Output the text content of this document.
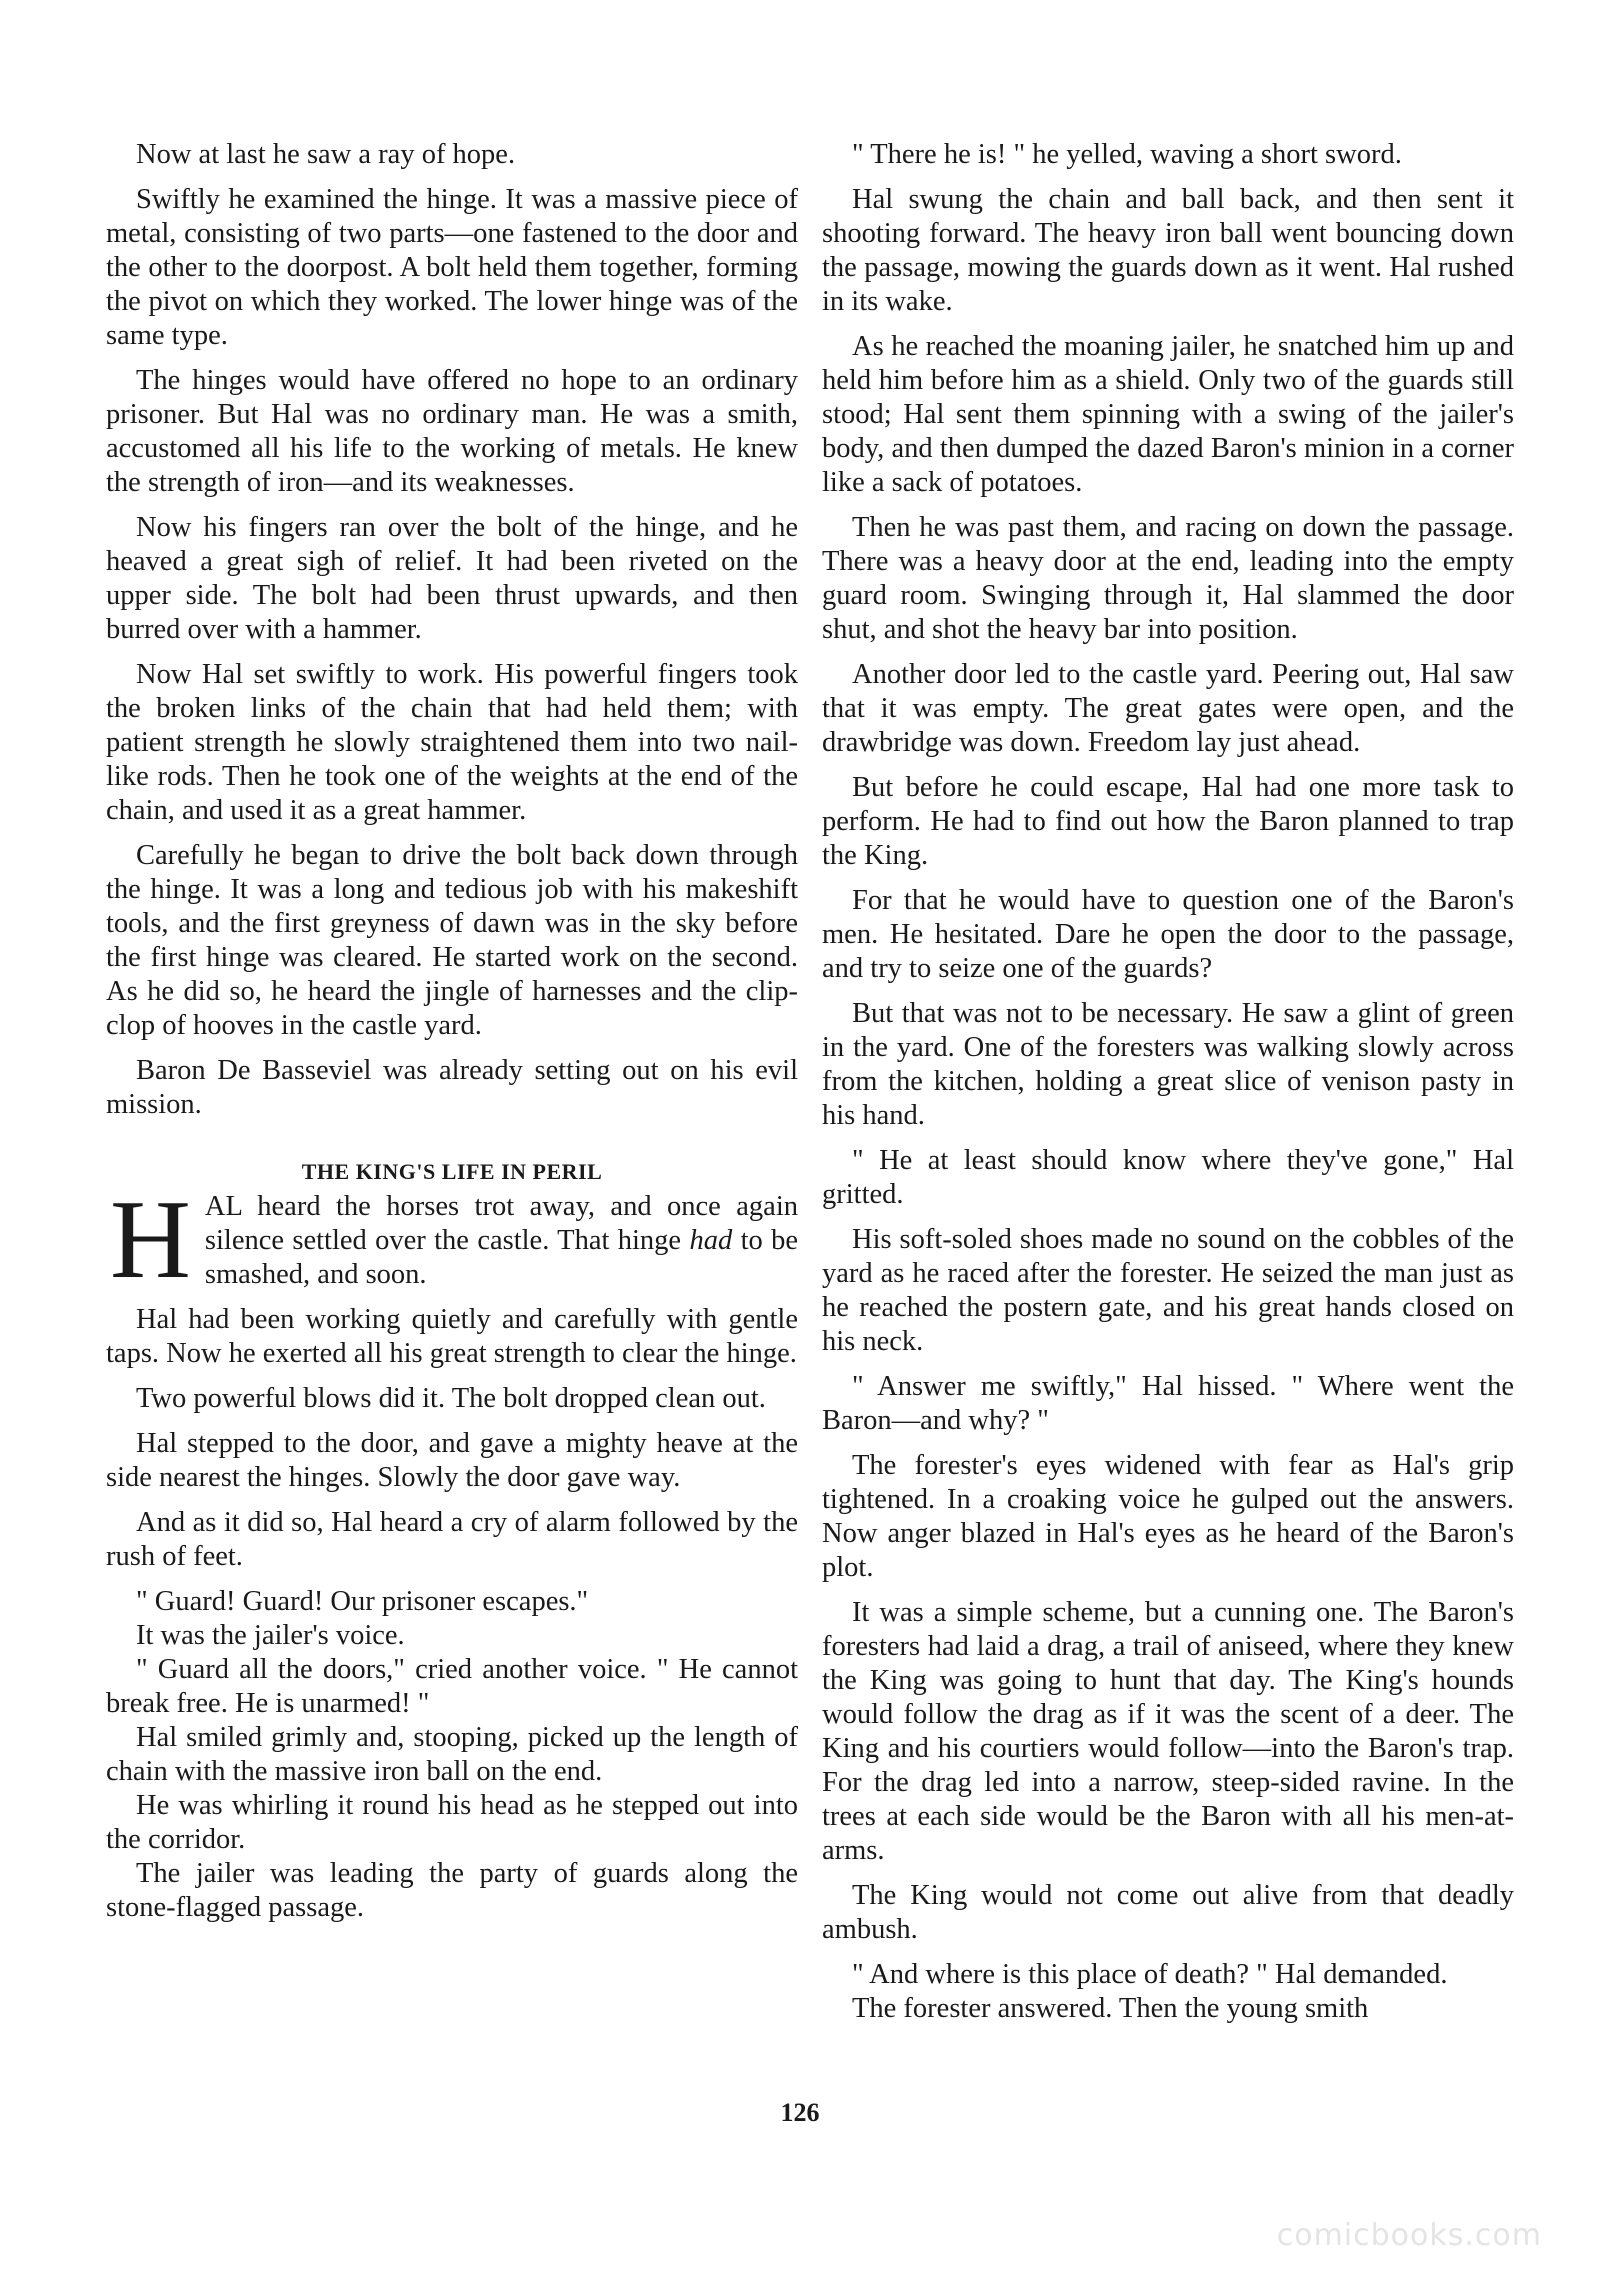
Now at last he saw a ray of hope.

Swiftly he examined the hinge. It was a massive piece of metal, consisting of two parts—one fastened to the door and the other to the doorpost. A bolt held them together, forming the pivot on which they worked. The lower hinge was of the same type.

The hinges would have offered no hope to an ordinary prisoner. But Hal was no ordinary man. He was a smith, accustomed all his life to the working of metals. He knew the strength of iron—and its weaknesses.

Now his fingers ran over the bolt of the hinge, and he heaved a great sigh of relief. It had been riveted on the upper side. The bolt had been thrust upwards, and then burred over with a hammer.

Now Hal set swiftly to work. His powerful fingers took the broken links of the chain that had held them; with patient strength he slowly straightened them into two nail-like rods. Then he took one of the weights at the end of the chain, and used it as a great hammer.

Carefully he began to drive the bolt back down through the hinge. It was a long and tedious job with his makeshift tools, and the first greyness of dawn was in the sky before the first hinge was cleared. He started work on the second. As he did so, he heard the jingle of harnesses and the clip-clop of hooves in the castle yard.

Baron De Basseviel was already setting out on his evil mission.

THE KING'S LIFE IN PERIL

HAL heard the horses trot away, and once again silence settled over the castle. That hinge had to be smashed, and soon.

Hal had been working quietly and carefully with gentle taps. Now he exerted all his great strength to clear the hinge.

Two powerful blows did it. The bolt dropped clean out.

Hal stepped to the door, and gave a mighty heave at the side nearest the hinges. Slowly the door gave way.

And as it did so, Hal heard a cry of alarm followed by the rush of feet.

" Guard! Guard! Our prisoner escapes."

It was the jailer's voice.

" Guard all the doors," cried another voice. " He cannot break free. He is unarmed! "

Hal smiled grimly and, stooping, picked up the length of chain with the massive iron ball on the end.

He was whirling it round his head as he stepped out into the corridor.

The jailer was leading the party of guards along the stone-flagged passage.

" There he is! " he yelled, waving a short sword.

Hal swung the chain and ball back, and then sent it shooting forward. The heavy iron ball went bouncing down the passage, mowing the guards down as it went. Hal rushed in its wake.

As he reached the moaning jailer, he snatched him up and held him before him as a shield. Only two of the guards still stood; Hal sent them spinning with a swing of the jailer's body, and then dumped the dazed Baron's minion in a corner like a sack of potatoes.

Then he was past them, and racing on down the passage. There was a heavy door at the end, leading into the empty guard room. Swinging through it, Hal slammed the door shut, and shot the heavy bar into position.

Another door led to the castle yard. Peering out, Hal saw that it was empty. The great gates were open, and the drawbridge was down. Freedom lay just ahead.

But before he could escape, Hal had one more task to perform. He had to find out how the Baron planned to trap the King.

For that he would have to question one of the Baron's men. He hesitated. Dare he open the door to the passage, and try to seize one of the guards?

But that was not to be necessary. He saw a glint of green in the yard. One of the foresters was walking slowly across from the kitchen, holding a great slice of venison pasty in his hand.

" He at least should know where they've gone," Hal gritted.

His soft-soled shoes made no sound on the cobbles of the yard as he raced after the forester. He seized the man just as he reached the postern gate, and his great hands closed on his neck.

" Answer me swiftly," Hal hissed. " Where went the Baron—and why? "

The forester's eyes widened with fear as Hal's grip tightened. In a croaking voice he gulped out the answers. Now anger blazed in Hal's eyes as he heard of the Baron's plot.

It was a simple scheme, but a cunning one. The Baron's foresters had laid a drag, a trail of aniseed, where they knew the King was going to hunt that day. The King's hounds would follow the drag as if it was the scent of a deer. The King and his courtiers would follow—into the Baron's trap. For the drag led into a narrow, steep-sided ravine. In the trees at each side would be the Baron with all his men-at-arms.

The King would not come out alive from that deadly ambush.

" And where is this place of death? " Hal demanded.

The forester answered. Then the young smith

126
comicbooks.com
